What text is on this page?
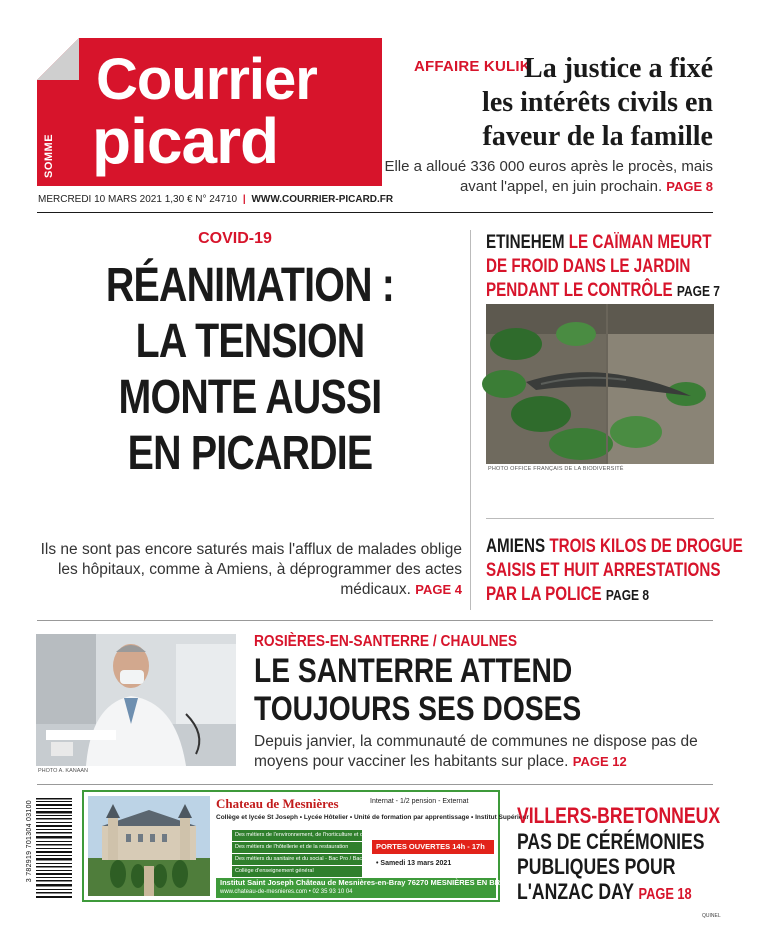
Courrier
picard
SOMME
MERCREDI 10 MARS 2021 1,30 € N° 24710 | WWW.COURRIER-PICARD.FR
AFFAIRE KULIK
La justice a fixé
les intérêts civils en
faveur de la famille
Elle a alloué 336 000 euros après le procès, mais avant l'appel, en juin prochain. PAGE 8
COVID-19
RÉANIMATION :
LA TENSION
MONTE AUSSI
EN PICARDIE
Ils ne sont pas encore saturés mais l'afflux de malades oblige les hôpitaux, comme à Amiens, à déprogrammer des actes médicaux. PAGE 4
ETINEHEM LE CAÏMAN MEURT
DE FROID DANS LE JARDIN
PENDANT LE CONTRÔLE PAGE 7
PHOTO OFFICE FRANÇAIS DE LA BIODIVERSITÉ
AMIENS TROIS KILOS DE DROGUE
SAISIS ET HUIT ARRESTATIONS
PAR LA POLICE PAGE 8
PHOTO A. KANAAN
ROSIÈRES-EN-SANTERRE / CHAULNES
LE SANTERRE ATTEND
TOUJOURS SES DOSES
Depuis janvier, la communauté de communes ne dispose pas de moyens pour vacciner les habitants sur place. PAGE 12
3 782919 701304 03100	Chateau de Mesnières	Internat - 1/2 pension - Externat
Collège et lycée St Joseph • Lycée Hôtelier • Unité de formation par apprentissage • Institut Supérieur
Des métiers de l'environnement, de l'horticulture et de la forêt
Des métiers de l'hôtellerie et de la restauration
Des métiers du sanitaire et du social - Bac Pro / Bac ST2S
Collège d'enseignement général
PORTES OUVERTES 14h - 17h
• Samedi 13 mars 2021
Institut Saint Joseph Château de Mesnières-en-Bray 76270 MESNIÈRES EN BRAY
www.chateau-de-mesnieres.com • 02 35 93 10 04
VILLERS-BRETONNEUX
PAS DE CÉRÉMONIES
PUBLIQUES POUR
L'ANZAC DAY PAGE 18
QUINEL
